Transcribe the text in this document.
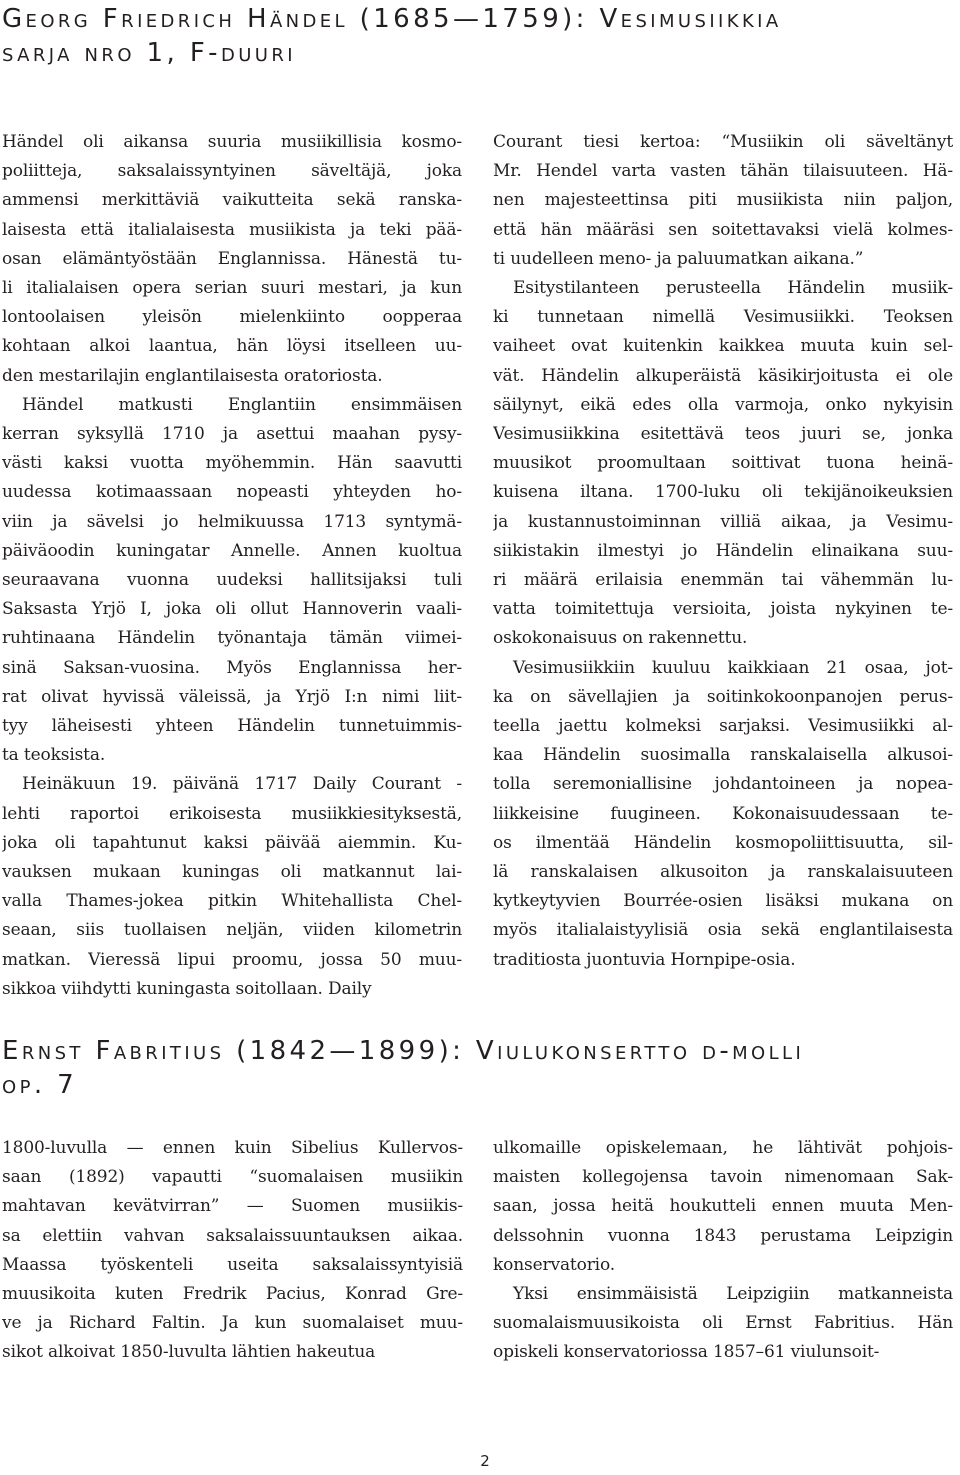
Georg Friedrich Händel (1685—1759): Vesimusiikkia
sarja nro 1, F-duuri

Händel oli aikansa suuria musiikillisia kosmo-
poliitteja, saksalaissyntyinen säveltäjä, joka
ammensi merkittäviä vaikutteita sekä ranska-
laisesta että italialaisesta musiikista ja teki pää-
osan elämäntyöstään Englannissa. Hänestä tu-
li italialaisen opera serian suuri mestari, ja kun
lontoolaisen yleisön mielenkiinto oopperaa
kohtaan alkoi laantua, hän löysi itselleen uu-
den mestarilajin englantilaisesta oratoriosta.

Händel matkusti Englantiin ensimmäisen
kerran syksyllä 1710 ja asettui maahan pysy-
västi kaksi vuotta myöhemmin. Hän saavutti
uudessa kotimaassaan nopeasti yhteyden ho-
viin ja sävelsi jo helmikuussa 1713 syntymä-
päiväoodin kuningatar Annelle. Annen kuoltua
seuraavana vuonna uudeksi hallitsijaksi tuli
Saksasta Yrjö I, joka oli ollut Hannoverin vaali-
ruhtinaana Händelin työnantaja tämän viimei-
sinä Saksan-vuosina. Myös Englannissa her-
rat olivat hyvissä väleissä, ja Yrjö I:n nimi liit-
tyy läheisesti yhteen Händelin tunnetuimmis-
ta teoksista.

Heinäkuun 19. päivänä 1717 Daily Courant -
lehti raportoi erikoisesta musiikkiesityksestä,
joka oli tapahtunut kaksi päivää aiemmin. Ku-
vauksen mukaan kuningas oli matkannut lai-
valla Thames-jokea pitkin Whitehallista Chel-
seaan, siis tuollaisen neljän, viiden kilometrin
matkan. Vieressä lipui proomu, jossa 50 muu-
sikkoa viihdytti kuningasta soitollaan. Daily

Courant tiesi kertoa: “Musiikin oli säveltänyt
Mr. Hendel varta vasten tähän tilaisuuteen. Hä-
nen majesteettinsa piti musiikista niin paljon,
että hän määräsi sen soitettavaksi vielä kolmes-
ti uudelleen meno- ja paluumatkan aikana.”

Esitystilanteen perusteella Händelin musiik-
ki tunnetaan nimellä Vesimusiikki. Teoksen
vaiheet ovat kuitenkin kaikkea muuta kuin sel-
vät. Händelin alkuperäistä käsikirjoitusta ei ole
säilynyt, eikä edes olla varmoja, onko nykyisin
Vesimusiikkina esitettävä teos juuri se, jonka
muusikot proomultaan soittivat tuona heinä-
kuisena iltana. 1700-luku oli tekijänoikeuksien
ja kustannustoiminnan villiä aikaa, ja Vesimu-
siikistakin ilmestyi jo Händelin elinaikana suu-
ri määrä erilaisia enemmän tai vähemmän lu-
vatta toimitettuja versioita, joista nykyinen te-
oskokonaisuus on rakennettu.

Vesimusiikkiin kuuluu kaikkiaan 21 osaa, jot-
ka on sävellajien ja soitinkokoonpanojen perus-
teella jaettu kolmeksi sarjaksi. Vesimusiikki al-
kaa Händelin suosimalla ranskalaisella alkusoi-
tolla seremoniallisine johdantoineen ja nopea-
liikkeisine fuugineen. Kokonaisuudessaan te-
os ilmentää Händelin kosmopoliittisuutta, sil-
lä ranskalaisen alkusoiton ja ranskalaisuuteen
kytkeytyvien Bourrée-osien lisäksi mukana on
myös italialaistyylisiä osia sekä englantilaisesta
traditiosta juontuvia Hornpipe-osia.

Ernst Fabritius (1842—1899): Viulukonsertto d-molli
op. 7

1800-luvulla — ennen kuin Sibelius Kullervos-
saan (1892) vapautti “suomalaisen musiikin
mahtavan kevätvirran” — Suomen musiikis-
sa elettiin vahvan saksalaissuuntauksen aikaa.
Maassa työskenteli useita saksalaissyntyisiä
muusikoita kuten Fredrik Pacius, Konrad Gre-
ve ja Richard Faltin. Ja kun suomalaiset muu-
sikot alkoivat 1850-luvulta lähtien hakeutua

ulkomaille opiskelemaan, he lähtivät pohjois-
maisten kollegojensa tavoin nimenomaan Sak-
saan, jossa heitä houkutteli ennen muuta Men-
delssohnin vuonna 1843 perustama Leipzigin
konservatorio.

Yksi ensimmäisistä Leipzigiin matkanneista
suomalaismuusikoista oli Ernst Fabritius. Hän
opiskeli konservatoriossa 1857–61 viulunsoit-

2
